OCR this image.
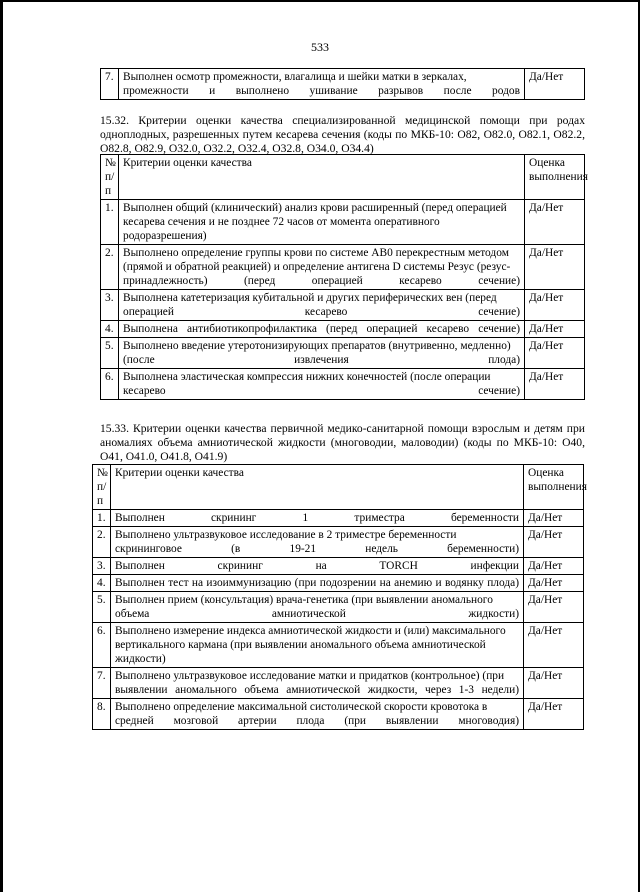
533
7.	Выполнен осмотр промежности, влагалища и шейки матки в зеркалах, промежности и выполнено ушивание разрывов после родов	Да/Нет
15.32. Критерии оценки качества специализированной медицинской помощи при родах одноплодных, разрешенных путем кесарева сечения (коды по МКБ-10: O82, O82.0, O82.1, O82.2, O82.8, O82.9, O32.0, O32.2, O32.4, O32.8, O34.0, O34.4)
№ п/п	Критерии оценки качества	Оценка выполнения
1.	Выполнен общий (клинический) анализ крови расширенный (перед операцией кесарева сечения и не позднее 72 часов от момента оперативного родоразрешения)	Да/Нет
2.	Выполнено определение группы крови по системе AB0 перекрестным методом (прямой и обратной реакцией) и определение антигена D системы Резус (резус-принадлежность) (перед операцией кесарево сечение)	Да/Нет
3.	Выполнена катетеризация кубитальной и других периферических вен (перед операцией кесарево сечение)	Да/Нет
4.	Выполнена антибиотикопрофилактика (перед операцией кесарево сечение)	Да/Нет
5.	Выполнено введение утеротонизирующих препаратов (внутривенно, медленно) (после извлечения плода)	Да/Нет
6.	Выполнена эластическая компрессия нижних конечностей (после операции кесарево сечение)	Да/Нет
15.33. Критерии оценки качества первичной медико-санитарной помощи взрослым и детям при аномалиях объема амниотической жидкости (многоводии, маловодии) (коды по МКБ-10: O40, O41, O41.0, O41.8, O41.9)
№ п/п	Критерии оценки качества	Оценка выполнения
1.	Выполнен скрининг 1 триместра беременности	Да/Нет
2.	Выполнено ультразвуковое исследование в 2 триместре беременности скрининговое (в 19-21 недель беременности)	Да/Нет
3.	Выполнен скрининг на TORCH инфекции	Да/Нет
4.	Выполнен тест на изоиммунизацию (при подозрении на анемию и водянку плода)	Да/Нет
5.	Выполнен прием (консультация) врача-генетика (при выявлении аномального объема амниотической жидкости)	Да/Нет
6.	Выполнено измерение индекса амниотической жидкости и (или) максимального вертикального кармана (при выявлении аномального объема амниотической жидкости)	Да/Нет
7.	Выполнено ультразвуковое исследование матки и придатков (контрольное) (при выявлении аномального объема амниотической жидкости, через 1-3 недели)	Да/Нет
8.	Выполнено определение максимальной систолической скорости кровотока в средней мозговой артерии плода (при выявлении многоводия)	Да/Нет
